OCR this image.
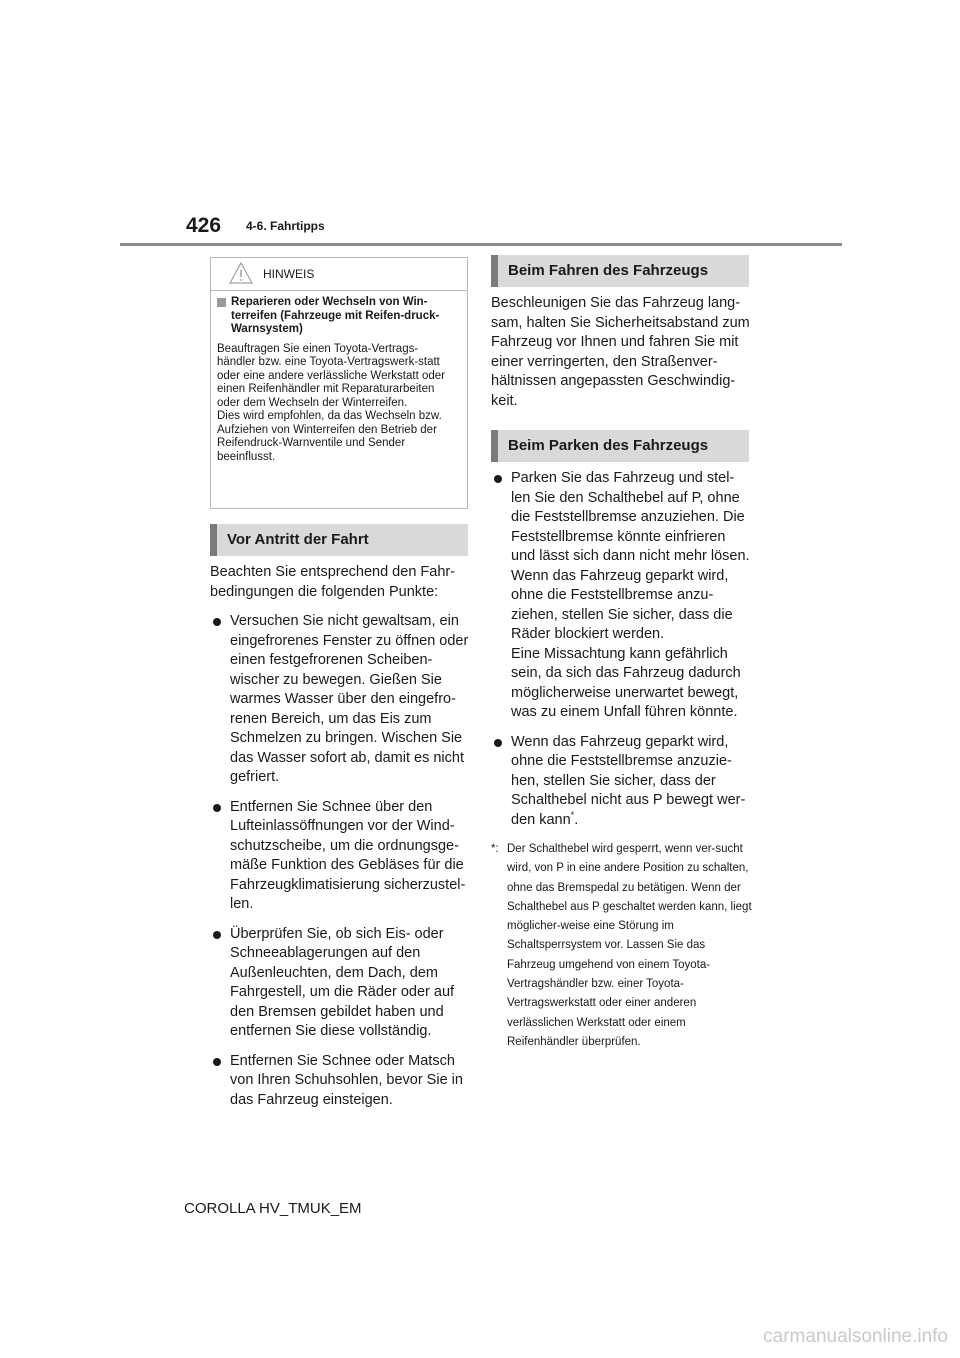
426 4-6. Fahrtipps
HINWEIS
Reparieren oder Wechseln von Win-terreifen (Fahrzeuge mit Reifen-druck-Warnsystem)

Beauftragen Sie einen Toyota-Vertrags-händler bzw. eine Toyota-Vertragswerk-statt oder eine andere verlässliche Werkstatt oder einen Reifenhändler mit Reparaturarbeiten oder dem Wechseln der Winterreifen.

Dies wird empfohlen, da das Wechseln bzw. Aufziehen von Winterreifen den Betrieb der Reifendruck-Warnventile und Sender beeinflusst.

Vor Antritt der Fahrt

Beachten Sie entsprechend den Fahr-bedingungen die folgenden Punkte:

Versuchen Sie nicht gewaltsam, ein eingefrorenes Fenster zu öffnen oder einen festgefrorenen Scheiben-wischer zu bewegen. Gießen Sie warmes Wasser über den eingefro-renen Bereich, um das Eis zum Schmelzen zu bringen. Wischen Sie das Wasser sofort ab, damit es nicht gefriert.
Entfernen Sie Schnee über den Lufteinlassöffnungen vor der Wind-schutzscheibe, um die ordnungsge-mäße Funktion des Gebläses für die Fahrzeugklimatisierung sicherzustel-len.
Überprüfen Sie, ob sich Eis- oder Schneeablagerungen auf den Außenleuchten, dem Dach, dem Fahrgestell, um die Räder oder auf den Bremsen gebildet haben und entfernen Sie diese vollständig.
Entfernen Sie Schnee oder Matsch von Ihren Schuhsohlen, bevor Sie in das Fahrzeug einsteigen.
Beim Fahren des Fahrzeugs

Beschleunigen Sie das Fahrzeug lang-sam, halten Sie Sicherheitsabstand zum Fahrzeug vor Ihnen und fahren Sie mit einer verringerten, den Straßenver-hältnissen angepassten Geschwindig-keit.

Beim Parken des Fahrzeugs

Parken Sie das Fahrzeug und stel-len Sie den Schalthebel auf P, ohne die Feststellbremse anzuziehen. Die Feststellbremse könnte einfrieren und lässt sich dann nicht mehr lösen. Wenn das Fahrzeug geparkt wird, ohne die Feststellbremse anzu-ziehen, stellen Sie sicher, dass die Räder blockiert werden.

Eine Missachtung kann gefährlich sein, da sich das Fahrzeug dadurch möglicherweise unerwartet bewegt, was zu einem Unfall führen könnte.

Wenn das Fahrzeug geparkt wird, ohne die Feststellbremse anzuzie-hen, stellen Sie sicher, dass der Schalthebel nicht aus P bewegt wer-den kann*.
*: Der Schalthebel wird gesperrt, wenn ver-sucht wird, von P in eine andere Position zu schalten, ohne das Bremspedal zu betätigen. Wenn der Schalthebel aus P geschaltet werden kann, liegt möglicher-weise eine Störung im Schaltsperrsystem vor. Lassen Sie das Fahrzeug umgehend von einem Toyota-Vertragshändler bzw. einer Toyota-Vertragswerkstatt oder einer anderen verlässlichen Werkstatt oder einem Reifenhändler überprüfen.
COROLLA HV_TMUK_EM
carmanualsonline.info
